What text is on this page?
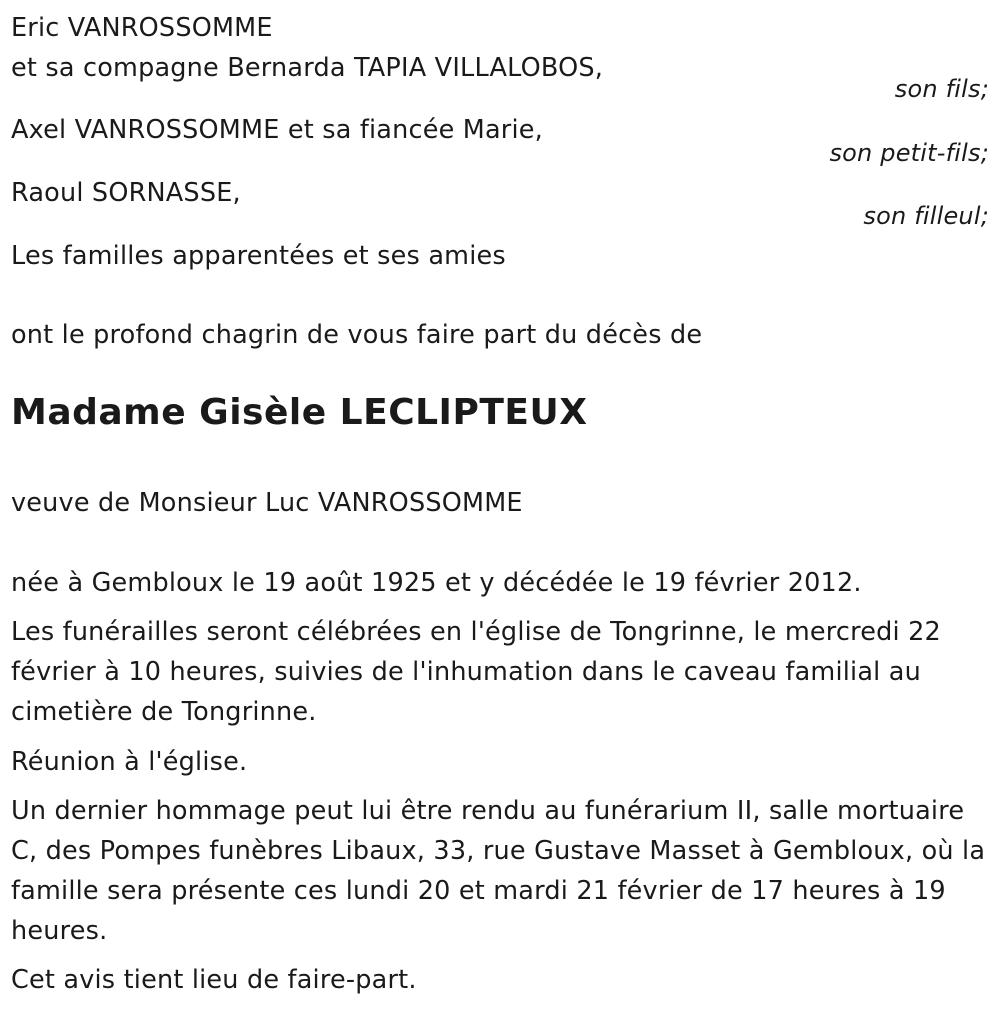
Eric VANROSSOMME
et sa compagne Bernarda TAPIA VILLALOBOS,
son fils;
Axel VANROSSOMME et sa fiancée Marie,
son petit-fils;
Raoul SORNASSE,
son filleul;
Les familles apparentées et ses amies
ont le profond chagrin de vous faire part du décès de
Madame Gisèle LECLIPTEUX
veuve de Monsieur Luc VANROSSOMME
née à Gembloux le 19 août 1925 et y décédée le 19 février 2012.
Les funérailles seront célébrées en l'église de Tongrinne, le mercredi 22 février à 10 heures, suivies de l'inhumation dans le caveau familial au cimetière de Tongrinne.
Réunion à l'église.
Un dernier hommage peut lui être rendu au funérarium II, salle mortuaire C, des Pompes funèbres Libaux, 33, rue Gustave Masset à Gembloux, où la famille sera présente ces lundi 20 et mardi 21 février de 17 heures à 19 heures.
Cet avis tient lieu de faire-part.
